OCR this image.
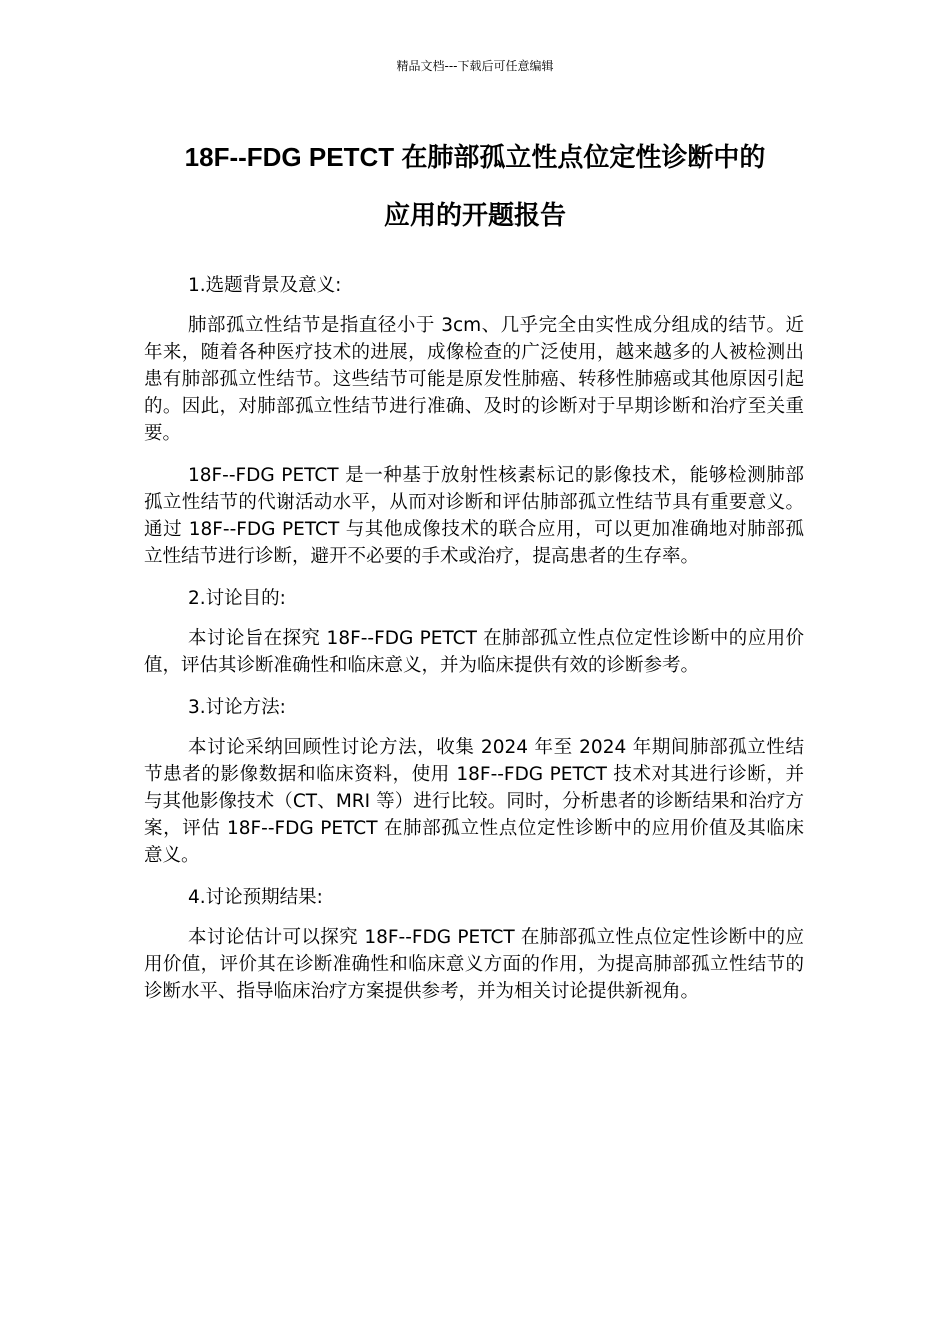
精品文档---下载后可任意编辑
18F--FDG PETCT 在肺部孤立性点位定性诊断中的
应用的开题报告

1.选题背景及意义:

肺部孤立性结节是指直径小于 3cm、几乎完全由实性成分组成的结节。近年来，随着各种医疗技术的进展，成像检查的广泛使用，越来越多的人被检测出患有肺部孤立性结节。这些结节可能是原发性肺癌、转移性肺癌或其他原因引起的。因此，对肺部孤立性结节进行准确、及时的诊断对于早期诊断和治疗至关重要。

18F--FDG PETCT 是一种基于放射性核素标记的影像技术，能够检测肺部孤立性结节的代谢活动水平，从而对诊断和评估肺部孤立性结节具有重要意义。通过 18F--FDG PETCT 与其他成像技术的联合应用，可以更加准确地对肺部孤立性结节进行诊断，避开不必要的手术或治疗，提高患者的生存率。

2.讨论目的:

本讨论旨在探究 18F--FDG PETCT 在肺部孤立性点位定性诊断中的应用价值，评估其诊断准确性和临床意义，并为临床提供有效的诊断参考。

3.讨论方法:

本讨论采纳回顾性讨论方法，收集 2024 年至 2024 年期间肺部孤立性结节患者的影像数据和临床资料，使用 18F--FDG PETCT 技术对其进行诊断，并与其他影像技术（CT、MRI 等）进行比较。同时，分析患者的诊断结果和治疗方案，评估 18F--FDG PETCT 在肺部孤立性点位定性诊断中的应用价值及其临床意义。

4.讨论预期结果:

本讨论估计可以探究 18F--FDG PETCT 在肺部孤立性点位定性诊断中的应用价值，评价其在诊断准确性和临床意义方面的作用，为提高肺部孤立性结节的诊断水平、指导临床治疗方案提供参考，并为相关讨论提供新视角。
